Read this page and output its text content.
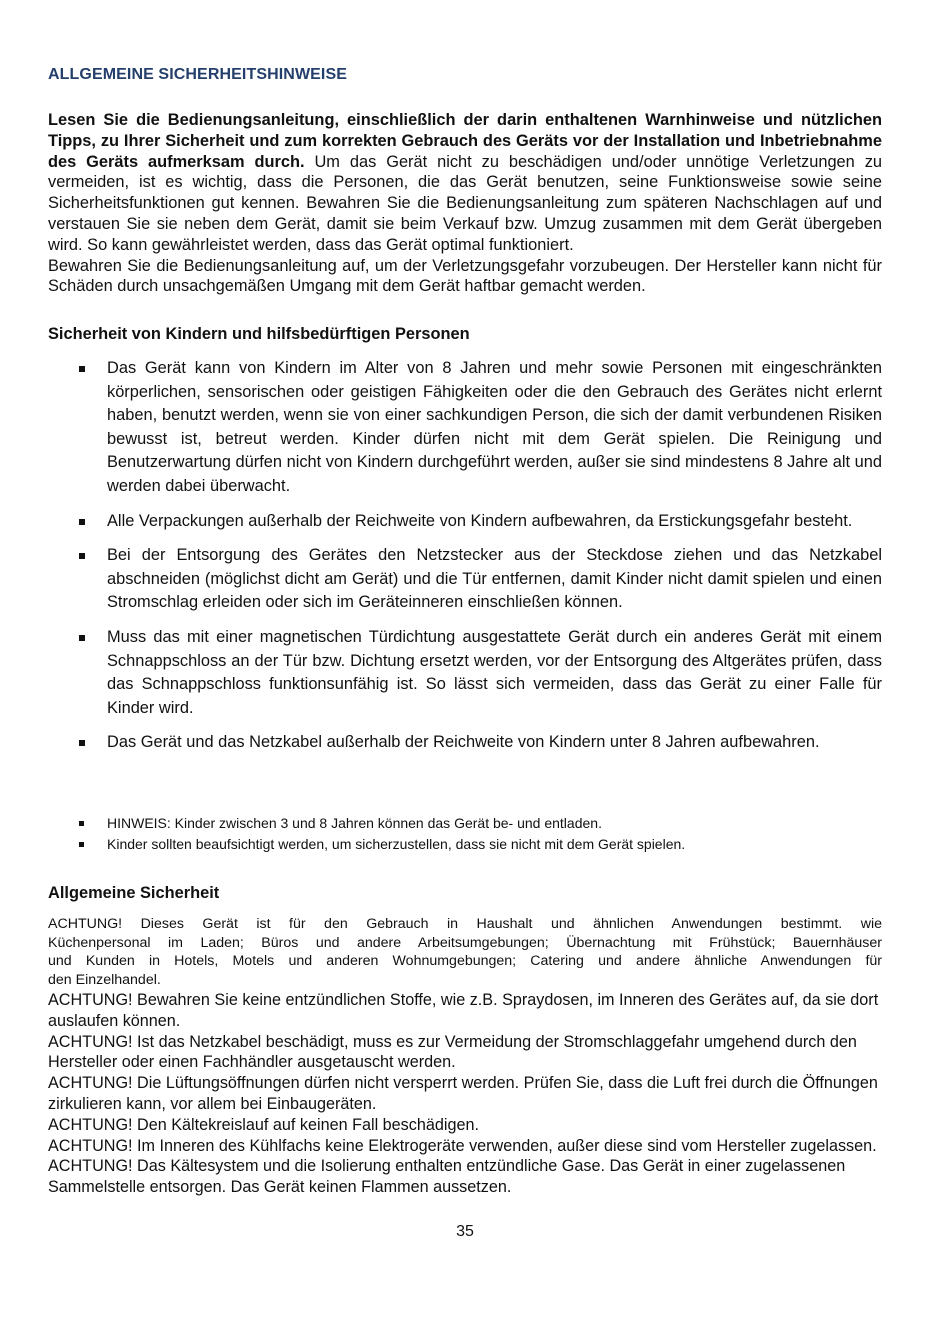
ALLGEMEINE SICHERHEITSHINWEISE
Lesen Sie die Bedienungsanleitung, einschließlich der darin enthaltenen Warnhinweise und nützlichen Tipps, zu Ihrer Sicherheit und zum korrekten Gebrauch des Geräts vor der Installation und Inbetriebnahme des Geräts aufmerksam durch. Um das Gerät nicht zu beschädigen und/oder unnötige Verletzungen zu vermeiden, ist es wichtig, dass die Personen, die das Gerät benutzen, seine Funktionsweise sowie seine Sicherheitsfunktionen gut kennen. Bewahren Sie die Bedienungsanleitung zum späteren Nachschlagen auf und verstauen Sie sie neben dem Gerät, damit sie beim Verkauf bzw. Umzug zusammen mit dem Gerät übergeben wird. So kann gewährleistet werden, dass das Gerät optimal funktioniert.
Bewahren Sie die Bedienungsanleitung auf, um der Verletzungsgefahr vorzubeugen. Der Hersteller kann nicht für Schäden durch unsachgemäßen Umgang mit dem Gerät haftbar gemacht werden.
Sicherheit von Kindern und hilfsbedürftigen Personen
Das Gerät kann von Kindern im Alter von 8 Jahren und mehr sowie Personen mit eingeschränkten körperlichen, sensorischen oder geistigen Fähigkeiten oder die den Gebrauch des Gerätes nicht erlernt haben, benutzt werden, wenn sie von einer sachkundigen Person, die sich der damit verbundenen Risiken bewusst ist, betreut werden. Kinder dürfen nicht mit dem Gerät spielen. Die Reinigung und Benutzerwartung dürfen nicht von Kindern durchgeführt werden, außer sie sind mindestens 8 Jahre alt und werden dabei überwacht.
Alle Verpackungen außerhalb der Reichweite von Kindern aufbewahren, da Erstickungsgefahr besteht.
Bei der Entsorgung des Gerätes den Netzstecker aus der Steckdose ziehen und das Netzkabel abschneiden (möglichst dicht am Gerät) und die Tür entfernen, damit Kinder nicht damit spielen und einen Stromschlag erleiden oder sich im Geräteinneren einschließen können.
Muss das mit einer magnetischen Türdichtung ausgestattete Gerät durch ein anderes Gerät mit einem Schnappschloss an der Tür bzw. Dichtung ersetzt werden, vor der Entsorgung des Altgerätes prüfen, dass das Schnappschloss funktionsunfähig ist. So lässt sich vermeiden, dass das Gerät zu einer Falle für Kinder wird.
Das Gerät und das Netzkabel außerhalb der Reichweite von Kindern unter 8 Jahren aufbewahren.
HINWEIS: Kinder zwischen 3 und 8 Jahren können das Gerät be- und entladen.
Kinder sollten beaufsichtigt werden, um sicherzustellen, dass sie nicht mit dem Gerät spielen.
Allgemeine Sicherheit
ACHTUNG! Dieses Gerät ist für den Gebrauch in Haushalt und ähnlichen Anwendungen bestimmt. wie
Küchenpersonal im Laden; Büros und andere Arbeitsumgebungen; Übernachtung mit Frühstück; Bauernhäuser
und Kunden in Hotels, Motels und anderen Wohnumgebungen; Catering und andere ähnliche Anwendungen für
den Einzelhandel.
ACHTUNG! Bewahren Sie keine entzündlichen Stoffe, wie z.B. Spraydosen, im Inneren des Gerätes auf, da sie dort auslaufen können.
ACHTUNG! Ist das Netzkabel beschädigt, muss es zur Vermeidung der Stromschlaggefahr umgehend durch den Hersteller oder einen Fachhändler ausgetauscht werden.
ACHTUNG! Die Lüftungsöffnungen dürfen nicht versperrt werden. Prüfen Sie, dass die Luft frei durch die Öffnungen zirkulieren kann, vor allem bei Einbaugeräten.
ACHTUNG! Den Kältekreislauf auf keinen Fall beschädigen.
ACHTUNG! Im Inneren des Kühlfachs keine Elektrogeräte verwenden, außer diese sind vom Hersteller zugelassen.
ACHTUNG! Das Kältesystem und die Isolierung enthalten entzündliche Gase. Das Gerät in einer zugelassenen Sammelstelle entsorgen. Das Gerät keinen Flammen aussetzen.
35
